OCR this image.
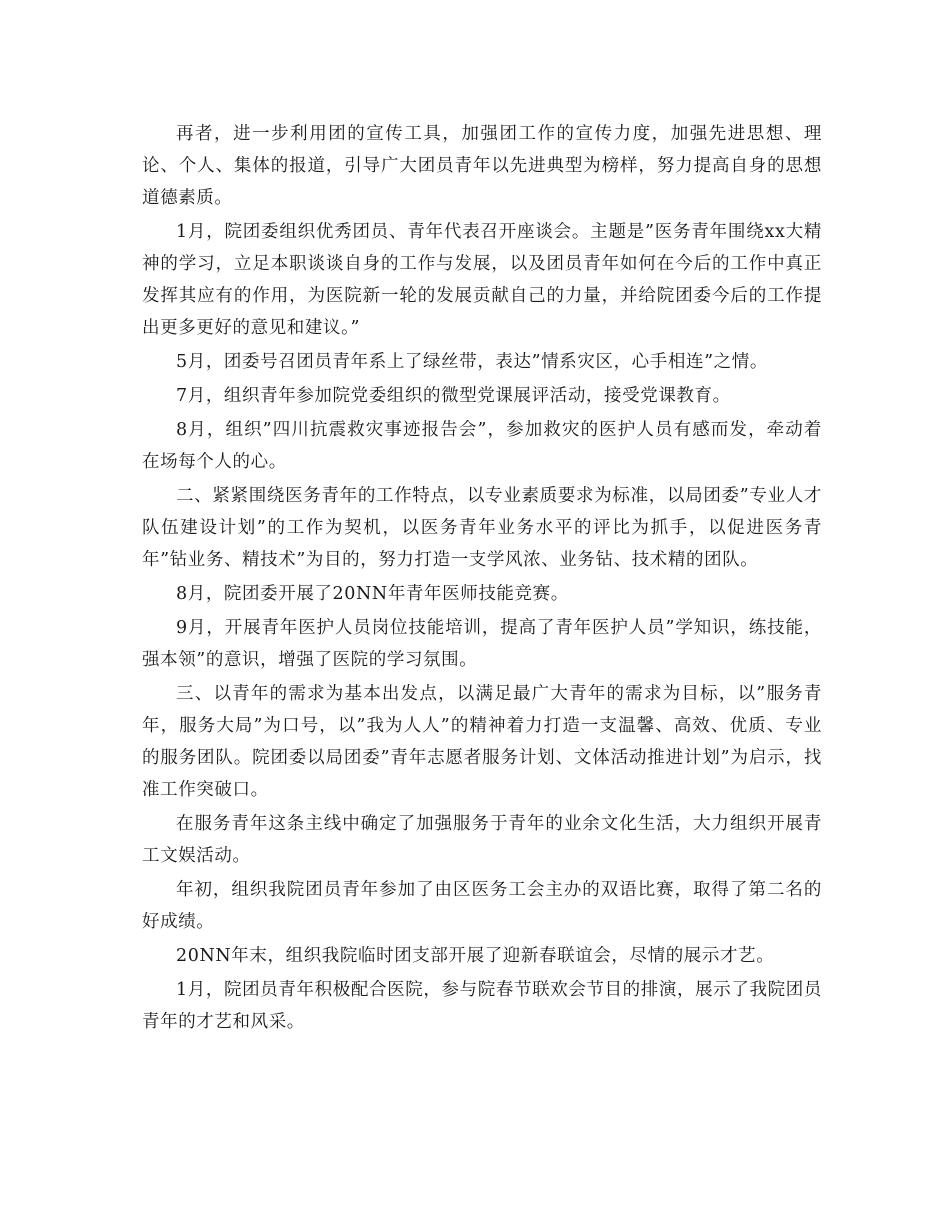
再者，进一步利用团的宣传工具，加强团工作的宣传力度，加强先进思想、理论、个人、集体的报道，引导广大团员青年以先进典型为榜样，努力提高自身的思想道德素质。

1月，院团委组织优秀团员、青年代表召开座谈会。主题是”医务青年围绕xx大精神的学习，立足本职谈谈自身的工作与发展，以及团员青年如何在今后的工作中真正发挥其应有的作用，为医院新一轮的发展贡献自己的力量，并给院团委今后的工作提出更多更好的意见和建议。”

5月，团委号召团员青年系上了绿丝带，表达”情系灾区，心手相连”之情。

7月，组织青年参加院党委组织的微型党课展评活动，接受党课教育。

8月，组织”四川抗震救灾事迹报告会”，参加救灾的医护人员有感而发，牵动着在场每个人的心。

二、紧紧围绕医务青年的工作特点，以专业素质要求为标准，以局团委”专业人才队伍建设计划”的工作为契机，以医务青年业务水平的评比为抓手，以促进医务青年”钻业务、精技术”为目的，努力打造一支学风浓、业务钻、技术精的团队。

8月，院团委开展了20NN年青年医师技能竞赛。

9月，开展青年医护人员岗位技能培训，提高了青年医护人员”学知识，练技能，强本领”的意识，增强了医院的学习氛围。

三、以青年的需求为基本出发点，以满足最广大青年的需求为目标，以”服务青年，服务大局”为口号，以”我为人人”的精神着力打造一支温馨、高效、优质、专业的服务团队。院团委以局团委”青年志愿者服务计划、文体活动推进计划”为启示，找准工作突破口。

在服务青年这条主线中确定了加强服务于青年的业余文化生活，大力组织开展青工文娱活动。

年初，组织我院团员青年参加了由区医务工会主办的双语比赛，取得了第二名的好成绩。

20NN年末，组织我院临时团支部开展了迎新春联谊会，尽情的展示才艺。

1月，院团员青年积极配合医院，参与院春节联欢会节目的排演，展示了我院团员青年的才艺和风采。
